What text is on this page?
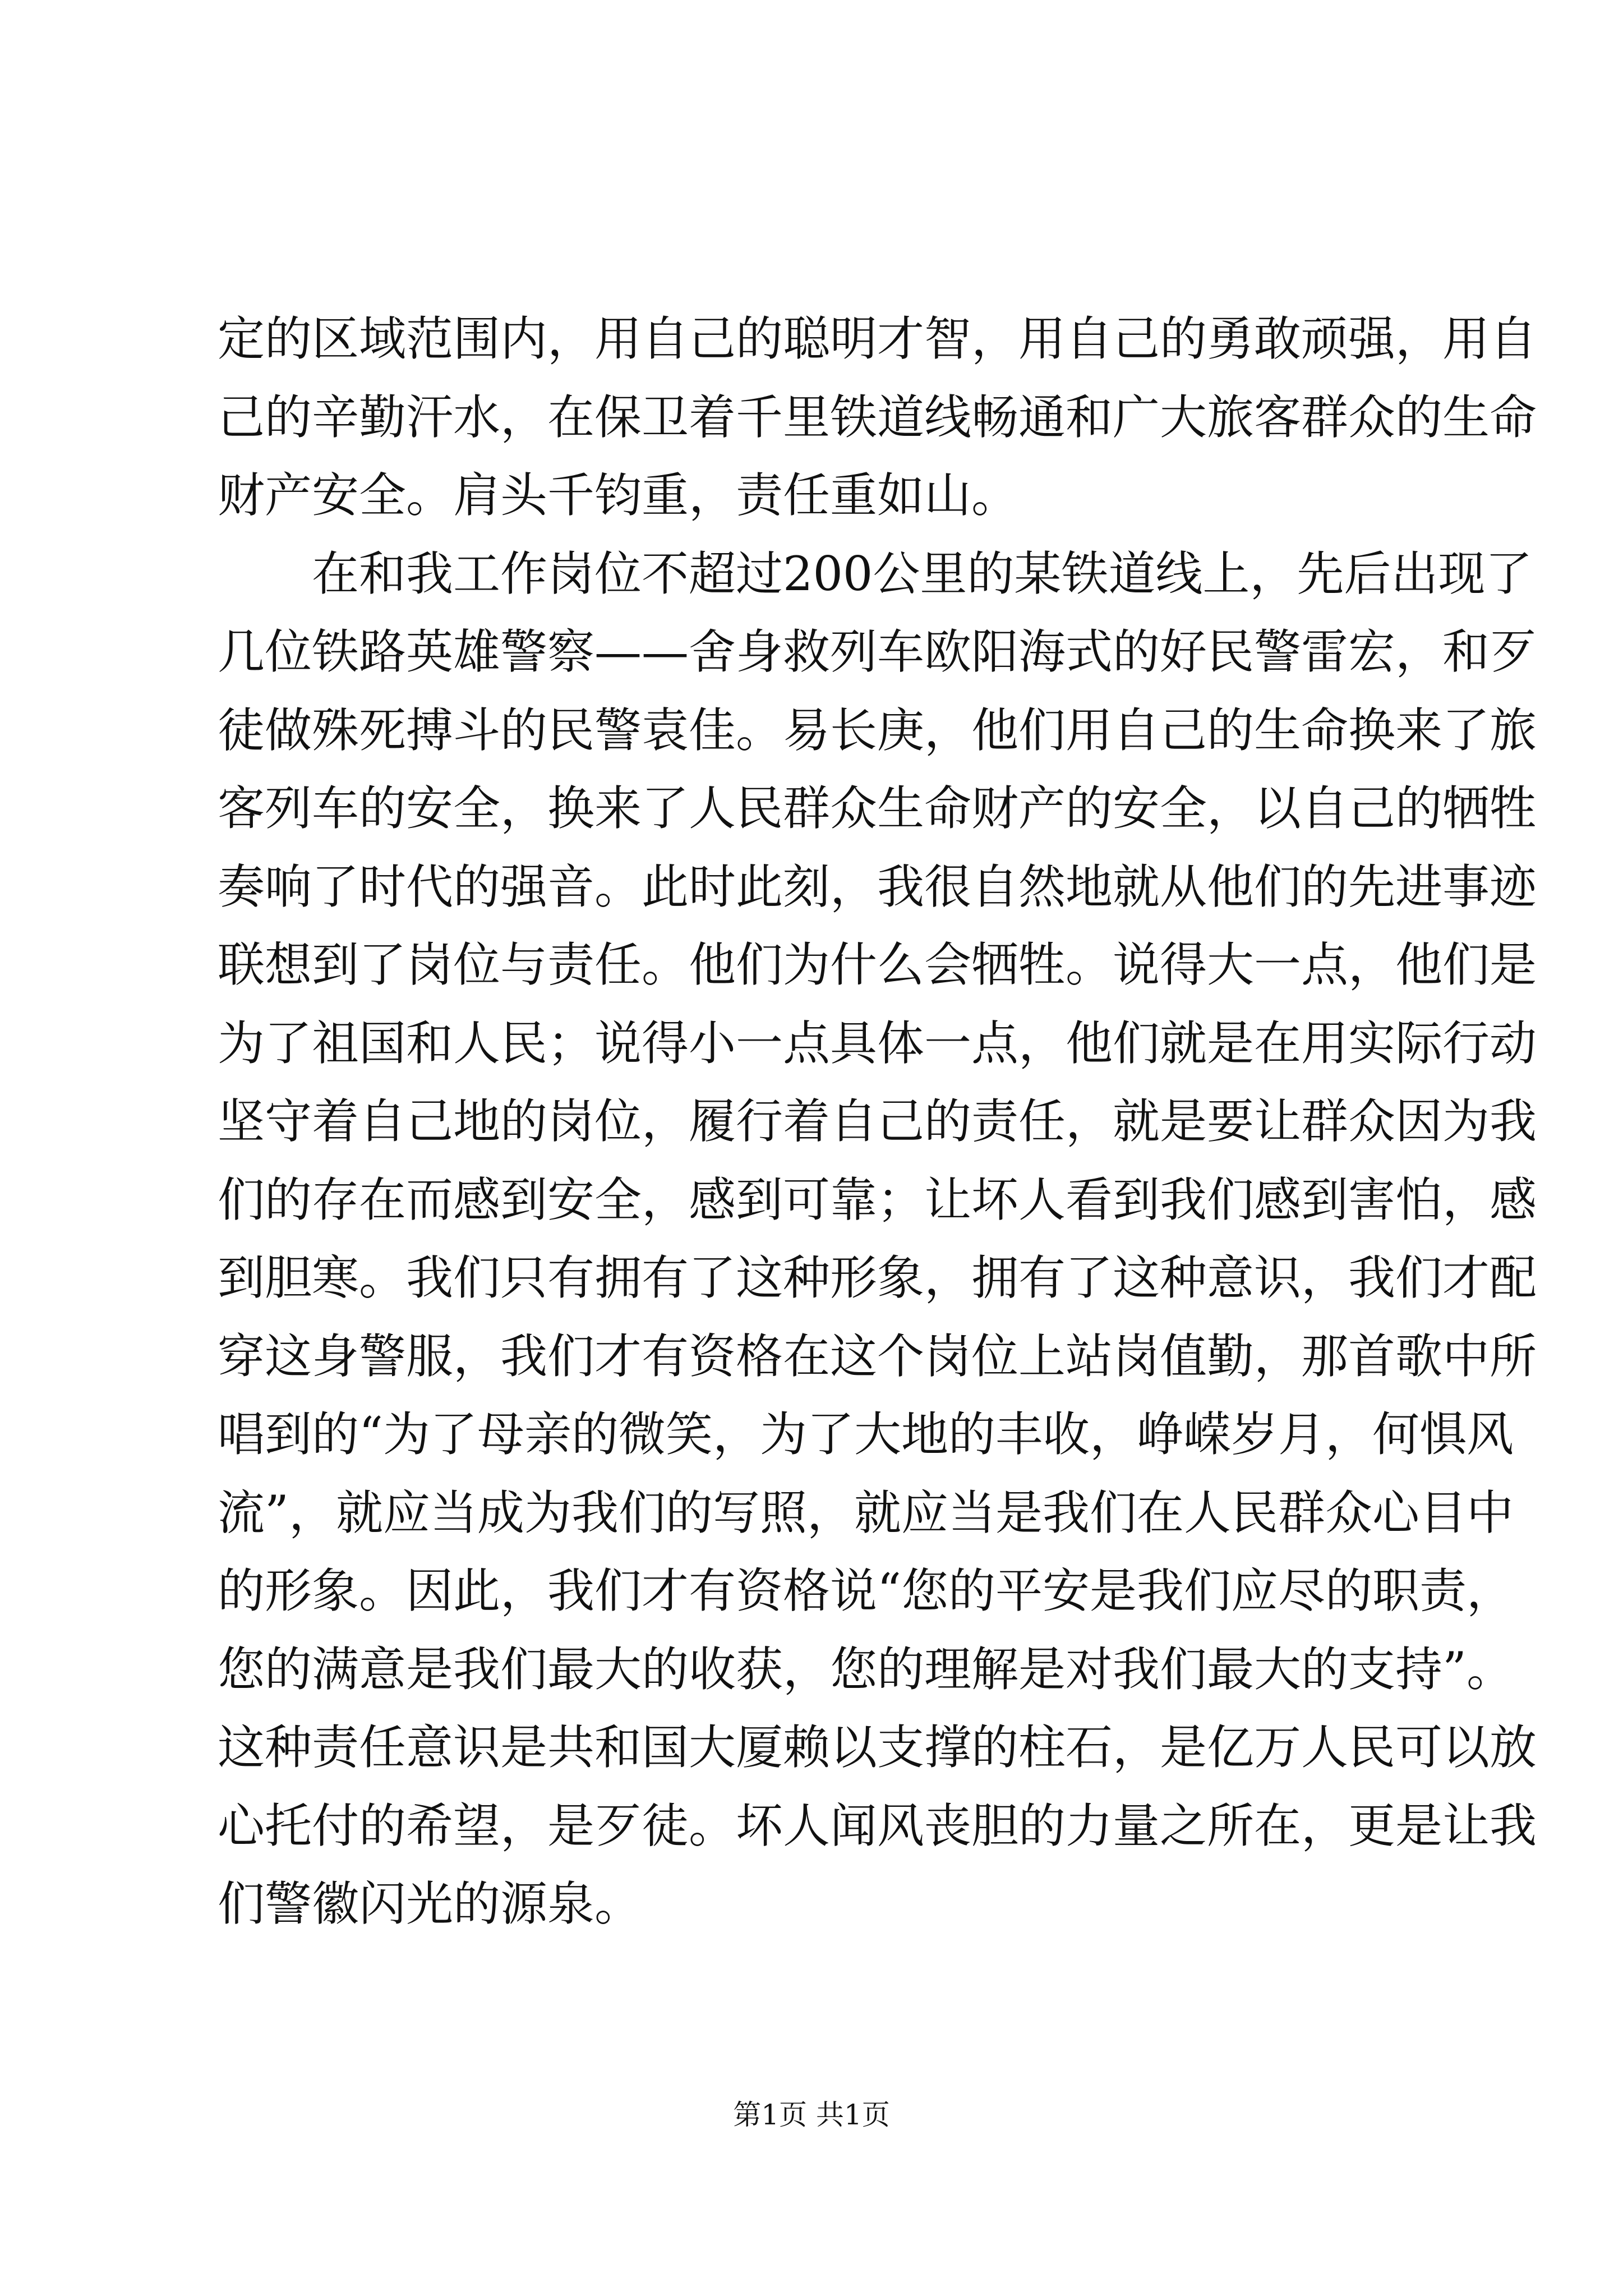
定的区域范围内，用自己的聪明才智，用自己的勇敢顽强，用自
己的辛勤汗水，在保卫着千里铁道线畅通和广大旅客群众的生命
财产安全。肩头千钧重，责任重如山。
在和我工作岗位不超过200公里的某铁道线上，先后出现了
几位铁路英雄警察——舍身救列车欧阳海式的好民警雷宏，和歹
徒做殊死搏斗的民警袁佳。易长庚，他们用自己的生命换来了旅
客列车的安全，换来了人民群众生命财产的安全，以自己的牺牲
奏响了时代的强音。此时此刻，我很自然地就从他们的先进事迹
联想到了岗位与责任。他们为什么会牺牲。说得大一点，他们是
为了祖国和人民；说得小一点具体一点，他们就是在用实际行动
坚守着自己地的岗位，履行着自己的责任，就是要让群众因为我
们的存在而感到安全，感到可靠；让坏人看到我们感到害怕，感
到胆寒。我们只有拥有了这种形象，拥有了这种意识，我们才配
穿这身警服，我们才有资格在这个岗位上站岗值勤，那首歌中所
唱到的“为了母亲的微笑，为了大地的丰收，峥嵘岁月，何惧风
流”，就应当成为我们的写照，就应当是我们在人民群众心目中
的形象。因此，我们才有资格说“您的平安是我们应尽的职责，
您的满意是我们最大的收获，您的理解是对我们最大的支持”。
这种责任意识是共和国大厦赖以支撑的柱石，是亿万人民可以放
心托付的希望，是歹徒。坏人闻风丧胆的力量之所在，更是让我
们警徽闪光的源泉。
第1页 共1页
